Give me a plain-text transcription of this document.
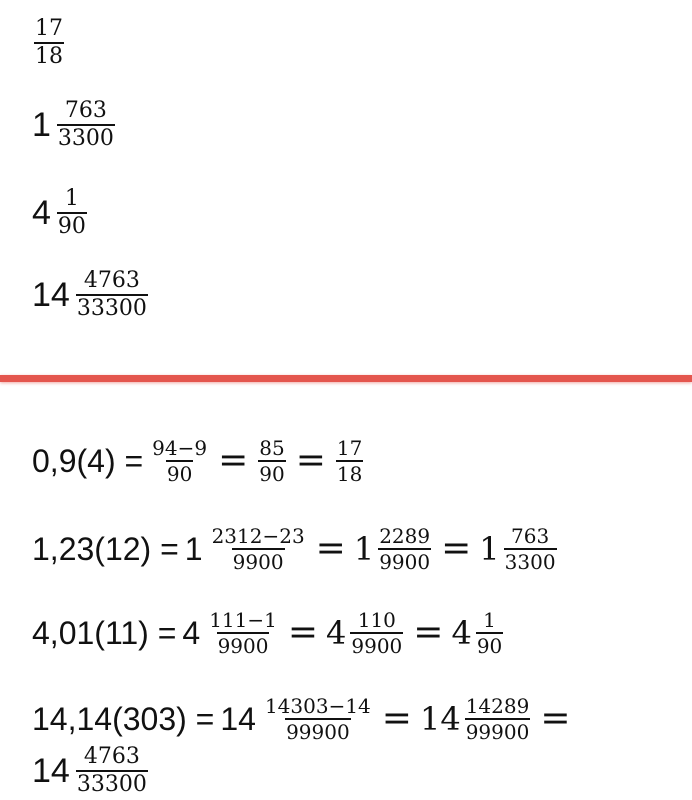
$\frac{17}{18}$
$1 \frac{763}{3300}$
$4 \frac{1}{90}$
$14 \frac{4763}{33300}$
$0,9(4) = \frac{94-9}{90} = \frac{85}{90} = \frac{17}{18}$
$1,23(12) = 1 \frac{2312-23}{9900} = 1 \frac{2289}{9900} = 1 \frac{763}{3300}$
$4,01(11) = 4 \frac{111-1}{9900} = 4 \frac{110}{9900} = 4 \frac{1}{90}$
$14,14(303) = 14 \frac{14303-14}{99900} = 14 \frac{14289}{99900}$ =
$14 \frac{4763}{33300}$
